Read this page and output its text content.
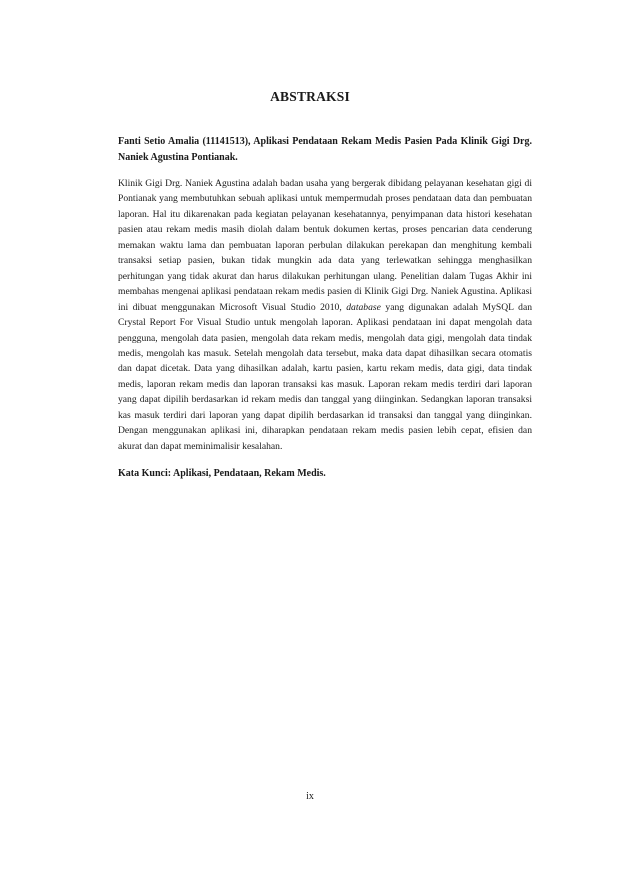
ABSTRAKSI

Fanti Setio Amalia (11141513), Aplikasi Pendataan Rekam Medis Pasien Pada Klinik Gigi Drg. Naniek Agustina Pontianak.

Klinik Gigi Drg. Naniek Agustina adalah badan usaha yang bergerak dibidang pelayanan kesehatan gigi di Pontianak yang membutuhkan sebuah aplikasi untuk mempermudah proses pendataan data dan pembuatan laporan. Hal itu dikarenakan pada kegiatan pelayanan kesehatannya, penyimpanan data histori kesehatan pasien atau rekam medis masih diolah dalam bentuk dokumen kertas, proses pencarian data cenderung memakan waktu lama dan pembuatan laporan perbulan dilakukan perekapan dan menghitung kembali transaksi setiap pasien, bukan tidak mungkin ada data yang terlewatkan sehingga menghasilkan perhitungan yang tidak akurat dan harus dilakukan perhitungan ulang. Penelitian dalam Tugas Akhir ini membahas mengenai aplikasi pendataan rekam medis pasien di Klinik Gigi Drg. Naniek Agustina. Aplikasi ini dibuat menggunakan Microsoft Visual Studio 2010, database yang digunakan adalah MySQL dan Crystal Report For Visual Studio untuk mengolah laporan. Aplikasi pendataan ini dapat mengolah data pengguna, mengolah data pasien, mengolah data rekam medis, mengolah data gigi, mengolah data tindak medis, mengolah kas masuk. Setelah mengolah data tersebut, maka data dapat dihasilkan secara otomatis dan dapat dicetak. Data yang dihasilkan adalah, kartu pasien, kartu rekam medis, data gigi, data tindak medis, laporan rekam medis dan laporan transaksi kas masuk. Laporan rekam medis terdiri dari laporan yang dapat dipilih berdasarkan id rekam medis dan tanggal yang diinginkan. Sedangkan laporan transaksi kas masuk terdiri dari laporan yang dapat dipilih berdasarkan id transaksi dan tanggal yang diinginkan. Dengan menggunakan aplikasi ini, diharapkan pendataan rekam medis pasien lebih cepat, efisien dan akurat dan dapat meminimalisir kesalahan.

Kata Kunci: Aplikasi, Pendataan, Rekam Medis.

ix
